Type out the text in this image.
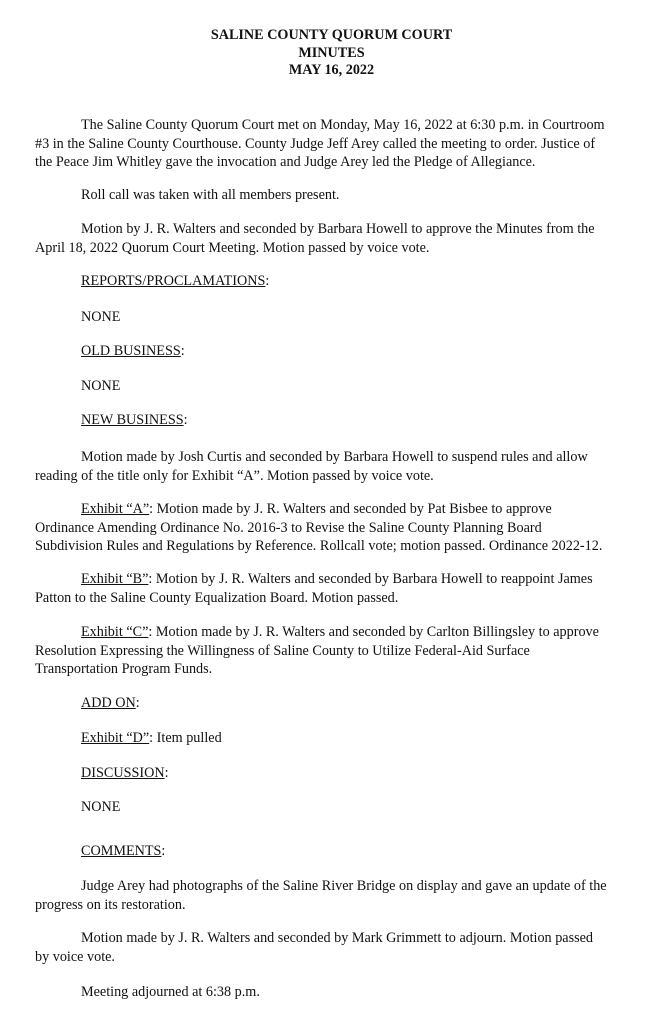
SALINE COUNTY QUORUM COURT
MINUTES
MAY 16, 2022
The Saline County Quorum Court met on Monday, May 16, 2022 at 6:30 p.m. in Courtroom
#3 in the Saline County Courthouse. County Judge Jeff Arey called the meeting to order. Justice of
the Peace Jim Whitley gave the invocation and Judge Arey led the Pledge of Allegiance.
Roll call was taken with all members present.
Motion by J. R. Walters and seconded by Barbara Howell to approve the Minutes from the
April 18, 2022 Quorum Court Meeting. Motion passed by voice vote.
REPORTS/PROCLAMATIONS:
NONE
OLD BUSINESS:
NONE
NEW BUSINESS:
Motion made by Josh Curtis and seconded by Barbara Howell to suspend rules and allow
reading of the title only for Exhibit “A”. Motion passed by voice vote.
Exhibit “A”: Motion made by J. R. Walters and seconded by Pat Bisbee to approve
Ordinance Amending Ordinance No. 2016-3 to Revise the Saline County Planning Board
Subdivision Rules and Regulations by Reference. Rollcall vote; motion passed. Ordinance 2022-12.
Exhibit “B”: Motion by J. R. Walters and seconded by Barbara Howell to reappoint James
Patton to the Saline County Equalization Board. Motion passed.
Exhibit “C”: Motion made by J. R. Walters and seconded by Carlton Billingsley to approve
Resolution Expressing the Willingness of Saline County to Utilize Federal-Aid Surface
Transportation Program Funds.
ADD ON:
Exhibit “D”: Item pulled
DISCUSSION:
NONE
COMMENTS:
Judge Arey had photographs of the Saline River Bridge on display and gave an update of the
progress on its restoration.
Motion made by J. R. Walters and seconded by Mark Grimmett to adjourn. Motion passed
by voice vote.
Meeting adjourned at 6:38 p.m.
